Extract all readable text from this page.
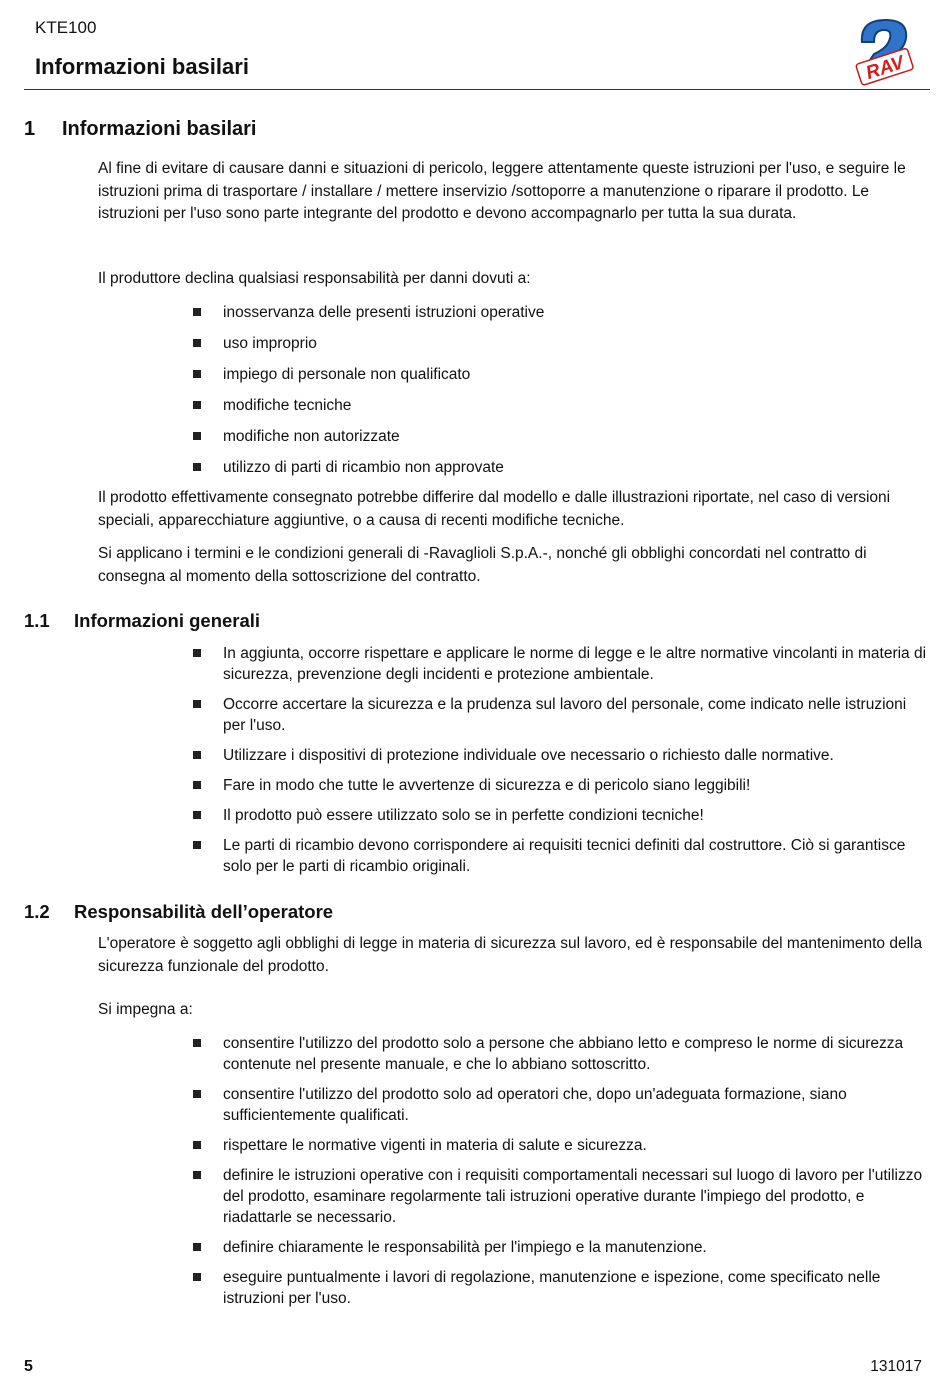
KTE100
Informazioni basilari	RAV
1 Informazioni basilari

Al fine di evitare di causare danni e situazioni di pericolo, leggere attentamente queste istruzioni per l'uso, e seguire le istruzioni prima di trasportare / installare / mettere inservizio /sottoporre a manutenzione o riparare il prodotto. Le istruzioni per l'uso sono parte integrante del prodotto e devono accompagnarlo per tutta la sua durata.

Il produttore declina qualsiasi responsabilità per danni dovuti a:

inosservanza delle presenti istruzioni operative
uso improprio
impiego di personale non qualificato
modifiche tecniche
modifiche non autorizzate
utilizzo di parti di ricambio non approvate

Il prodotto effettivamente consegnato potrebbe differire dal modello e dalle illustrazioni riportate, nel caso di versioni speciali, apparecchiature aggiuntive, o a causa di recenti modifiche tecniche.

Si applicano i termini e le condizioni generali di -Ravaglioli S.p.A.-, nonché gli obblighi concordati nel contratto di consegna al momento della sottoscrizione del contratto.

1.1 Informazioni generali
In aggiunta, occorre rispettare e applicare le norme di legge e le altre normative vincolanti in materia di sicurezza, prevenzione degli incidenti e protezione ambientale.
Occorre accertare la sicurezza e la prudenza sul lavoro del personale, come indicato nelle istruzioni per l'uso.
Utilizzare i dispositivi di protezione individuale ove necessario o richiesto dalle normative.
Fare in modo che tutte le avvertenze di sicurezza e di pericolo siano leggibili!
Il prodotto può essere utilizzato solo se in perfette condizioni tecniche!
Le parti di ricambio devono corrispondere ai requisiti tecnici definiti dal costruttore. Ciò si garantisce solo per le parti di ricambio originali.
1.2 Responsabilità dell’operatore

L'operatore è soggetto agli obblighi di legge in materia di sicurezza sul lavoro, ed è responsabile del mantenimento della sicurezza funzionale del prodotto.

Si impegna a:

consentire l'utilizzo del prodotto solo a persone che abbiano letto e compreso le norme di sicurezza contenute nel presente manuale, e che lo abbiano sottoscritto.
consentire l'utilizzo del prodotto solo ad operatori che, dopo un'adeguata formazione, siano sufficientemente qualificati.
rispettare le normative vigenti in materia di salute e sicurezza.
definire le istruzioni operative con i requisiti comportamentali necessari sul luogo di lavoro per l'utilizzo del prodotto, esaminare regolarmente tali istruzioni operative durante l'impiego del prodotto, e riadattarle se necessario.
definire chiaramente le responsabilità per l'impiego e la manutenzione.
eseguire puntualmente i lavori di regolazione, manutenzione e ispezione, come specificato nelle istruzioni per l'uso.
5	131017
